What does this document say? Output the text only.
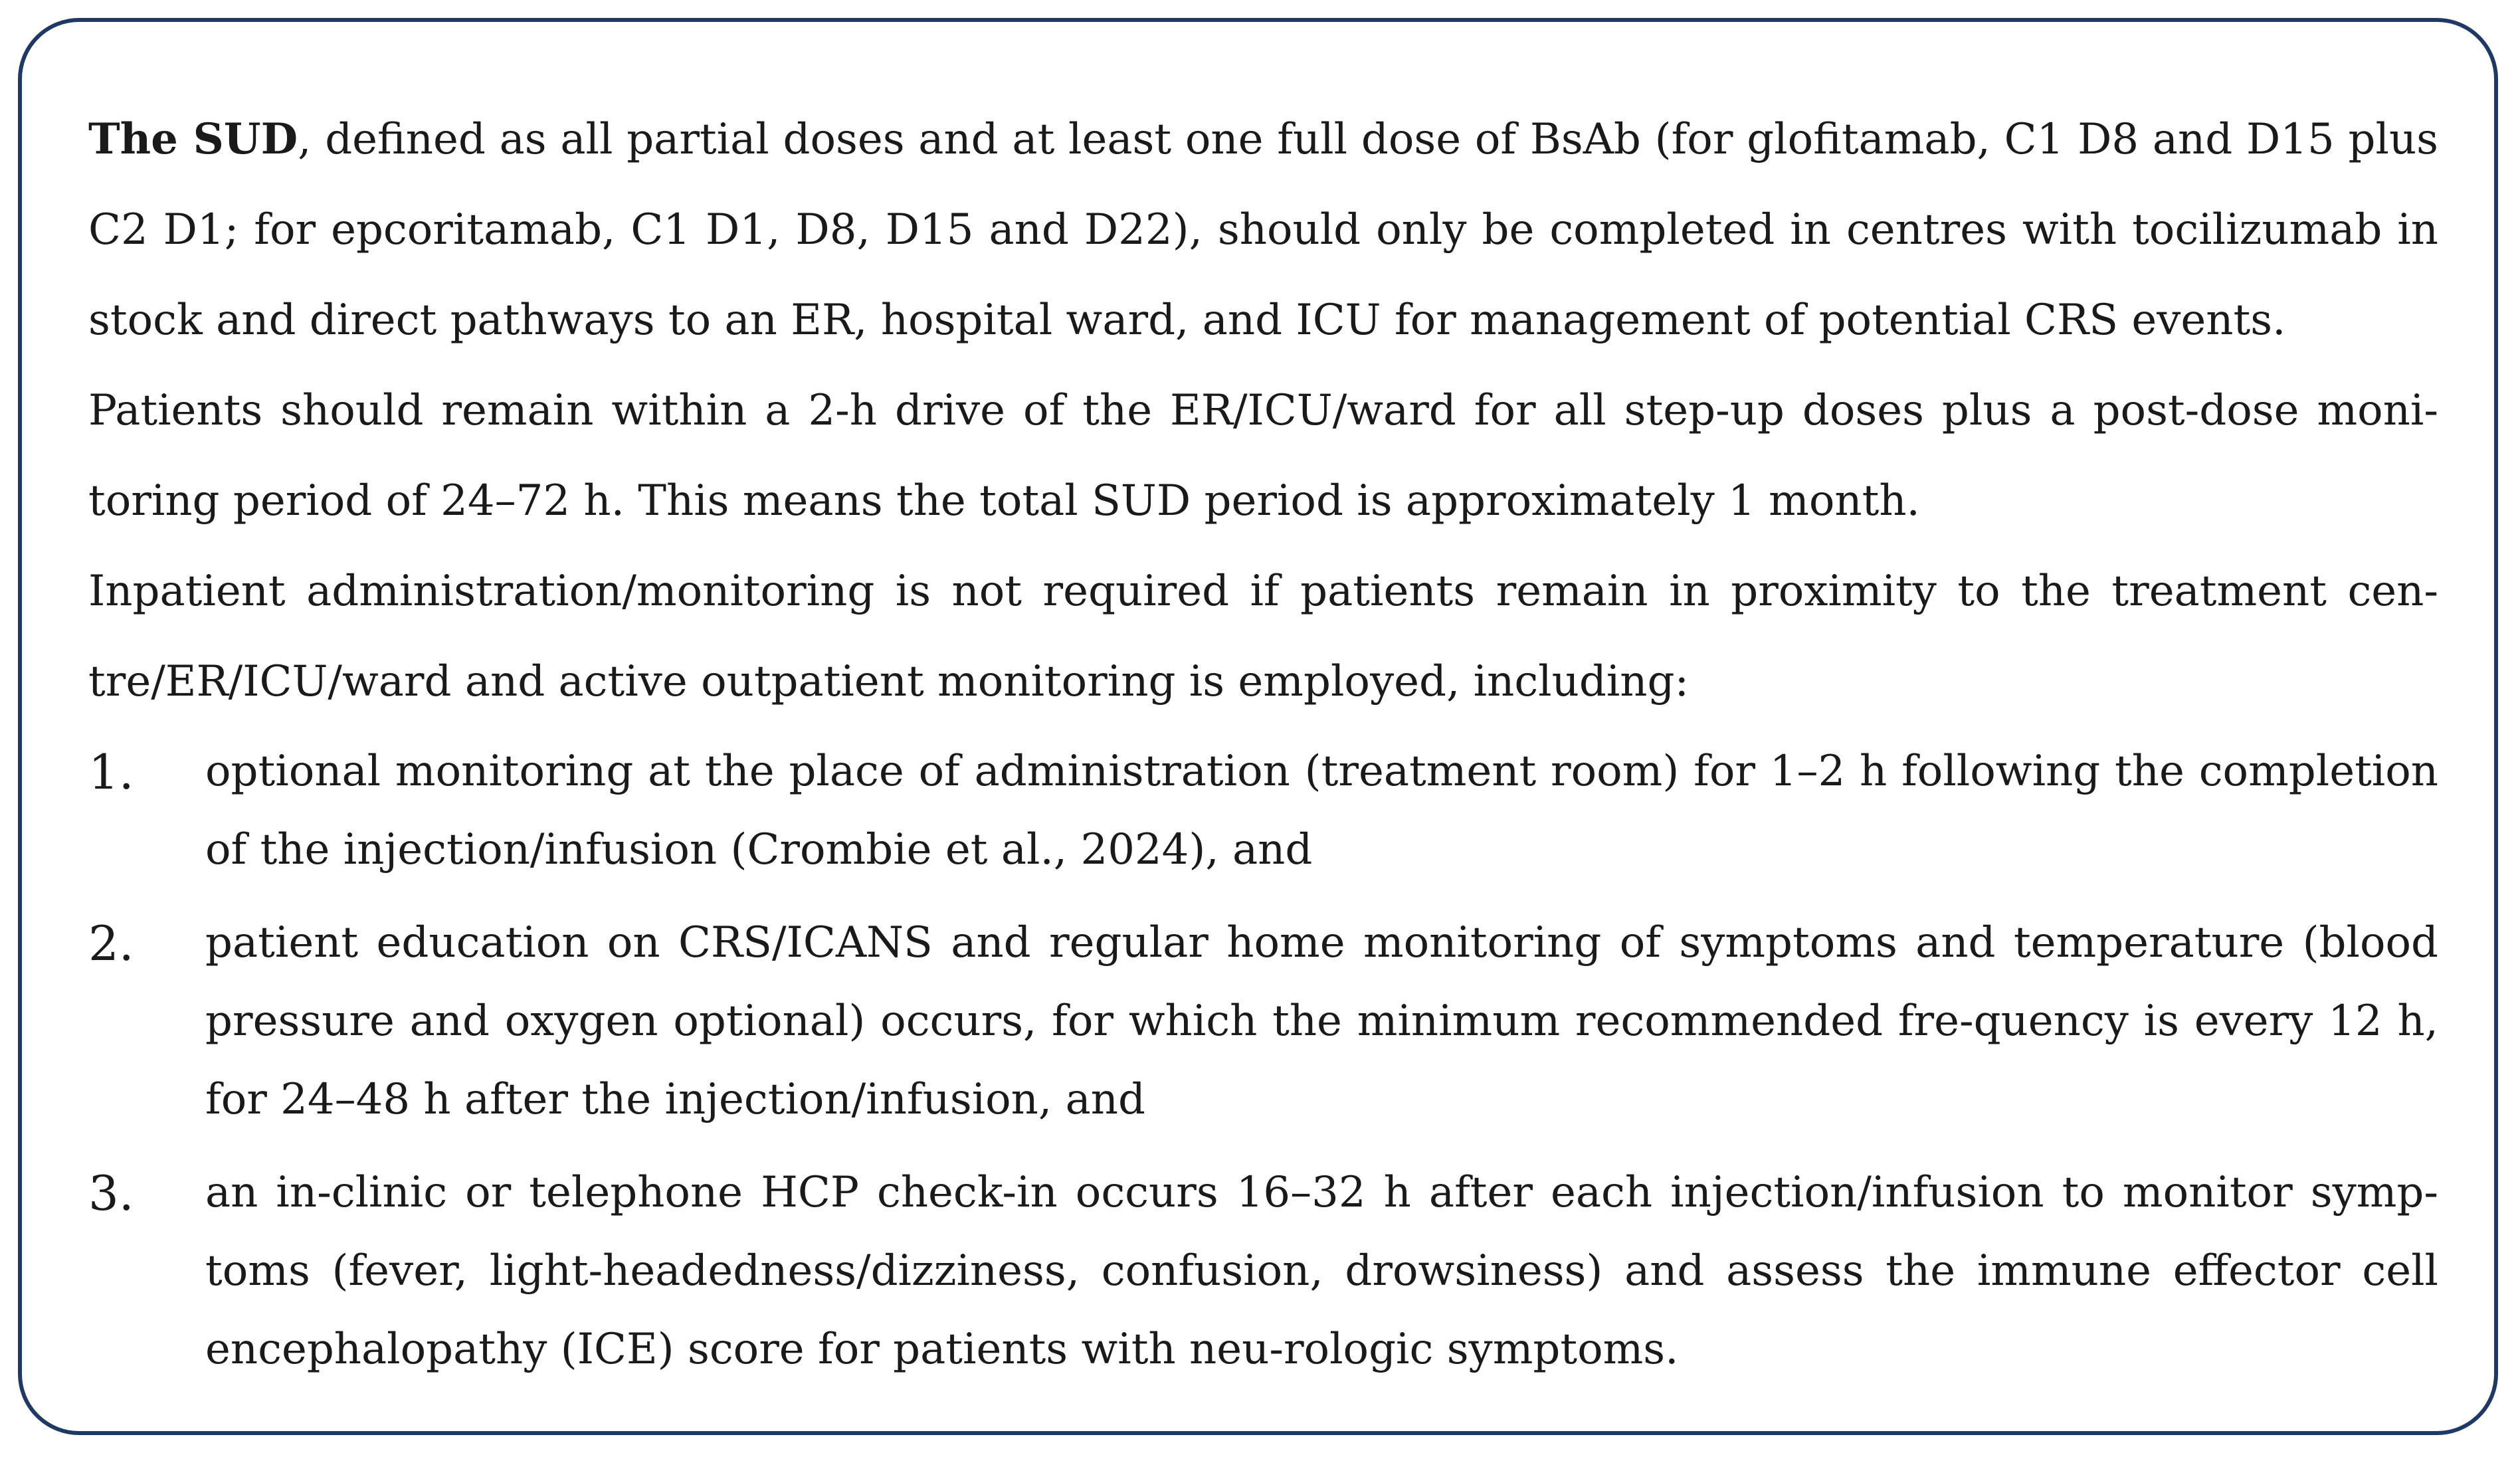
The SUD, defined as all partial doses and at least one full dose of BsAb (for glofitamab, C1 D8 and D15 plus C2 D1; for epcoritamab, C1 D1, D8, D15 and D22), should only be completed in centres with tocilizumab in stock and direct pathways to an ER, hospital ward, and ICU for management of potential CRS events.

Patients should remain within a 2-h drive of the ER/ICU/ward for all step-up doses plus a post-dose monitoring period of 24–72 h. This means the total SUD period is approximately 1 month.

Inpatient administration/monitoring is not required if patients remain in proximity to the treatment centre/ER/ICU/ward and active outpatient monitoring is employed, including:

1. optional monitoring at the place of administration (treatment room) for 1–2 h following the completion of the injection/infusion (Crombie et al., 2024), and
2. patient education on CRS/ICANS and regular home monitoring of symptoms and temperature (blood pressure and oxygen optional) occurs, for which the minimum recommended fre-quency is every 12 h, for 24–48 h after the injection/infusion, and
3. an in-clinic or telephone HCP check-in occurs 16–32 h after each injection/infusion to monitor symptoms (fever, light-headedness/dizziness, confusion, drowsiness) and assess the immune effector cell encephalopathy (ICE) score for patients with neu-rologic symptoms.
